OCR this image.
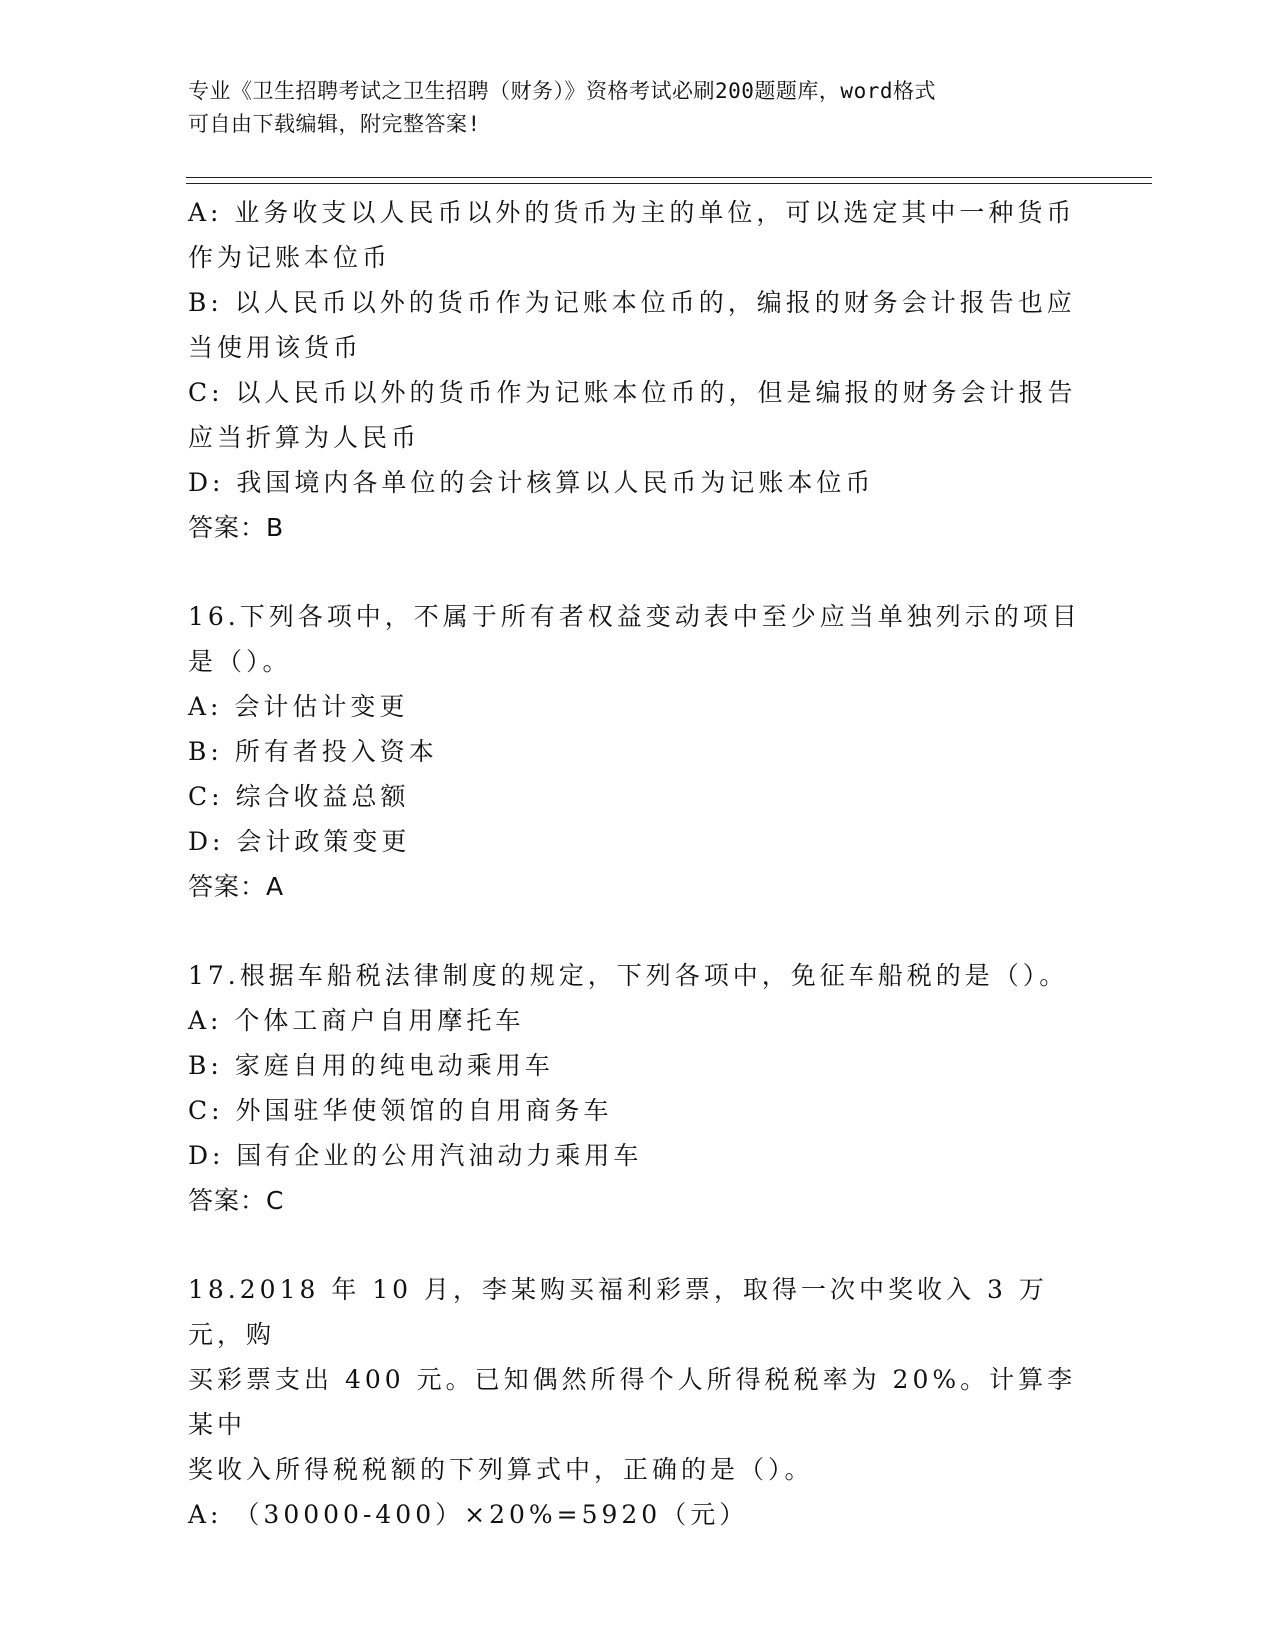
专业《卫生招聘考试之卫生招聘（财务）》资格考试必刷200题题库，word格式
可自由下载编辑，附完整答案!

A: 业务收支以人民币以外的货币为主的单位，可以选定其中一种货币

作为记账本位币

B: 以人民币以外的货币作为记账本位币的，编报的财务会计报告也应

当使用该货币

C: 以人民币以外的货币作为记账本位币的，但是编报的财务会计报告

应当折算为人民币

D: 我国境内各单位的会计核算以人民币为记账本位币

答案：B

16.下列各项中，不属于所有者权益变动表中至少应当单独列示的项目

是（）。

A: 会计估计变更

B: 所有者投入资本

C: 综合收益总额

D: 会计政策变更

答案：A

17.根据车船税法律制度的规定，下列各项中，免征车船税的是（）。

A: 个体工商户自用摩托车

B: 家庭自用的纯电动乘用车

C: 外国驻华使领馆的自用商务车

D: 国有企业的公用汽油动力乘用车

答案：C

18.2018 年 10 月，李某购买福利彩票，取得一次中奖收入 3 万元，购

买彩票支出 400 元。已知偶然所得个人所得税税率为 20%。计算李某中

奖收入所得税税额的下列算式中，正确的是（）。

A: （30000-400）×20%=5920（元）
